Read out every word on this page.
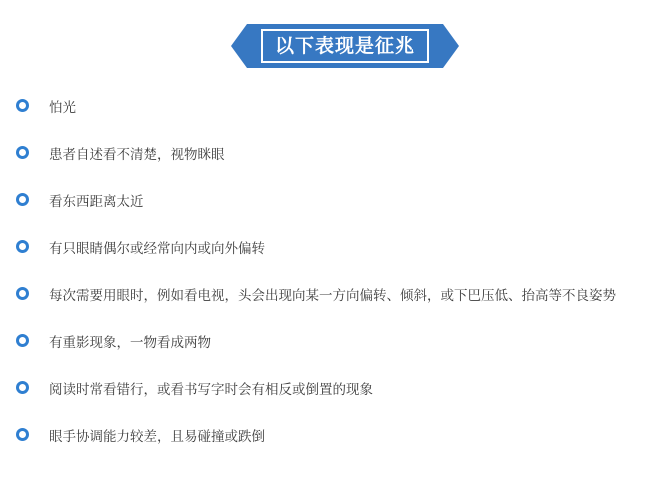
以下表现是征兆
怕光
患者自述看不清楚，视物眯眼
看东西距离太近
有只眼睛偶尔或经常向内或向外偏转
每次需要用眼时，例如看电视，头会出现向某一方向偏转、倾斜，或下巴压低、抬高等不良姿势
有重影现象，一物看成两物
阅读时常看错行，或看书写字时会有相反或倒置的现象
眼手协调能力较差，且易碰撞或跌倒
